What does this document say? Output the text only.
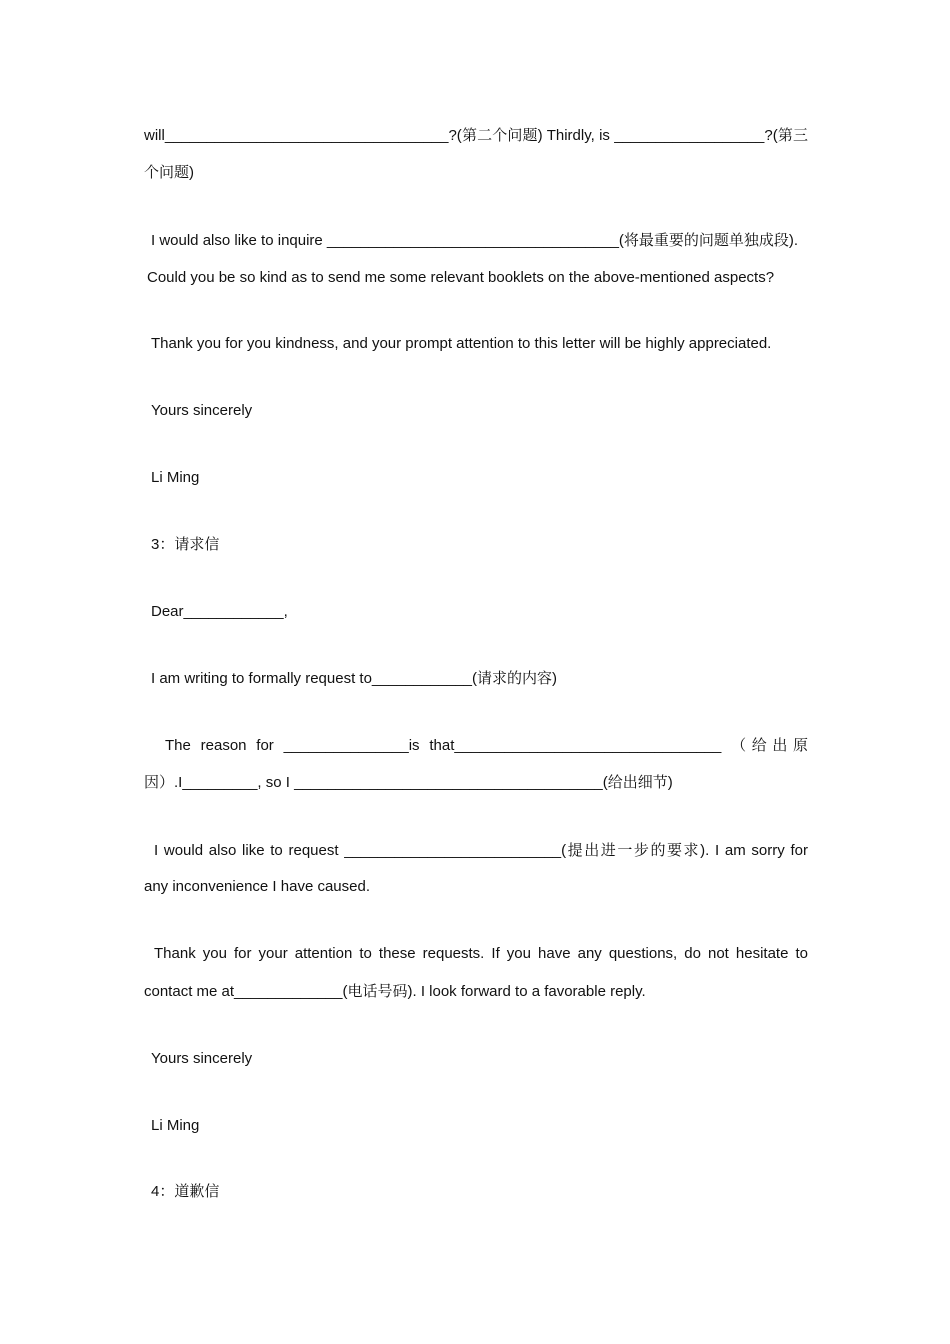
will__________________________________?(第二个问题) Thirdly, is __________________?(第三
个问题)
I would also like to inquire ___________________________________(将最重要的问题单独成段).
Could you be so kind as to send me some relevant booklets on the above-mentioned aspects?
Thank you for you kindness, and your prompt attention to this letter will be highly appreciated.
Yours sincerely
Li Ming
3：请求信
Dear____________,
I am writing to formally request to____________(请求的内容)
The reason for _______________is that________________________________ （给出原
因）.I_________, so I _____________________________________(给出细节)
I would also like to request __________________________(提出进一步的要求). I am sorry for
any inconvenience I have caused.
Thank you for your attention to these requests. If you have any questions, do not hesitate to
contact me at_____________(电话号码). I look forward to a favorable reply.
Yours sincerely
Li Ming
4：道歉信
